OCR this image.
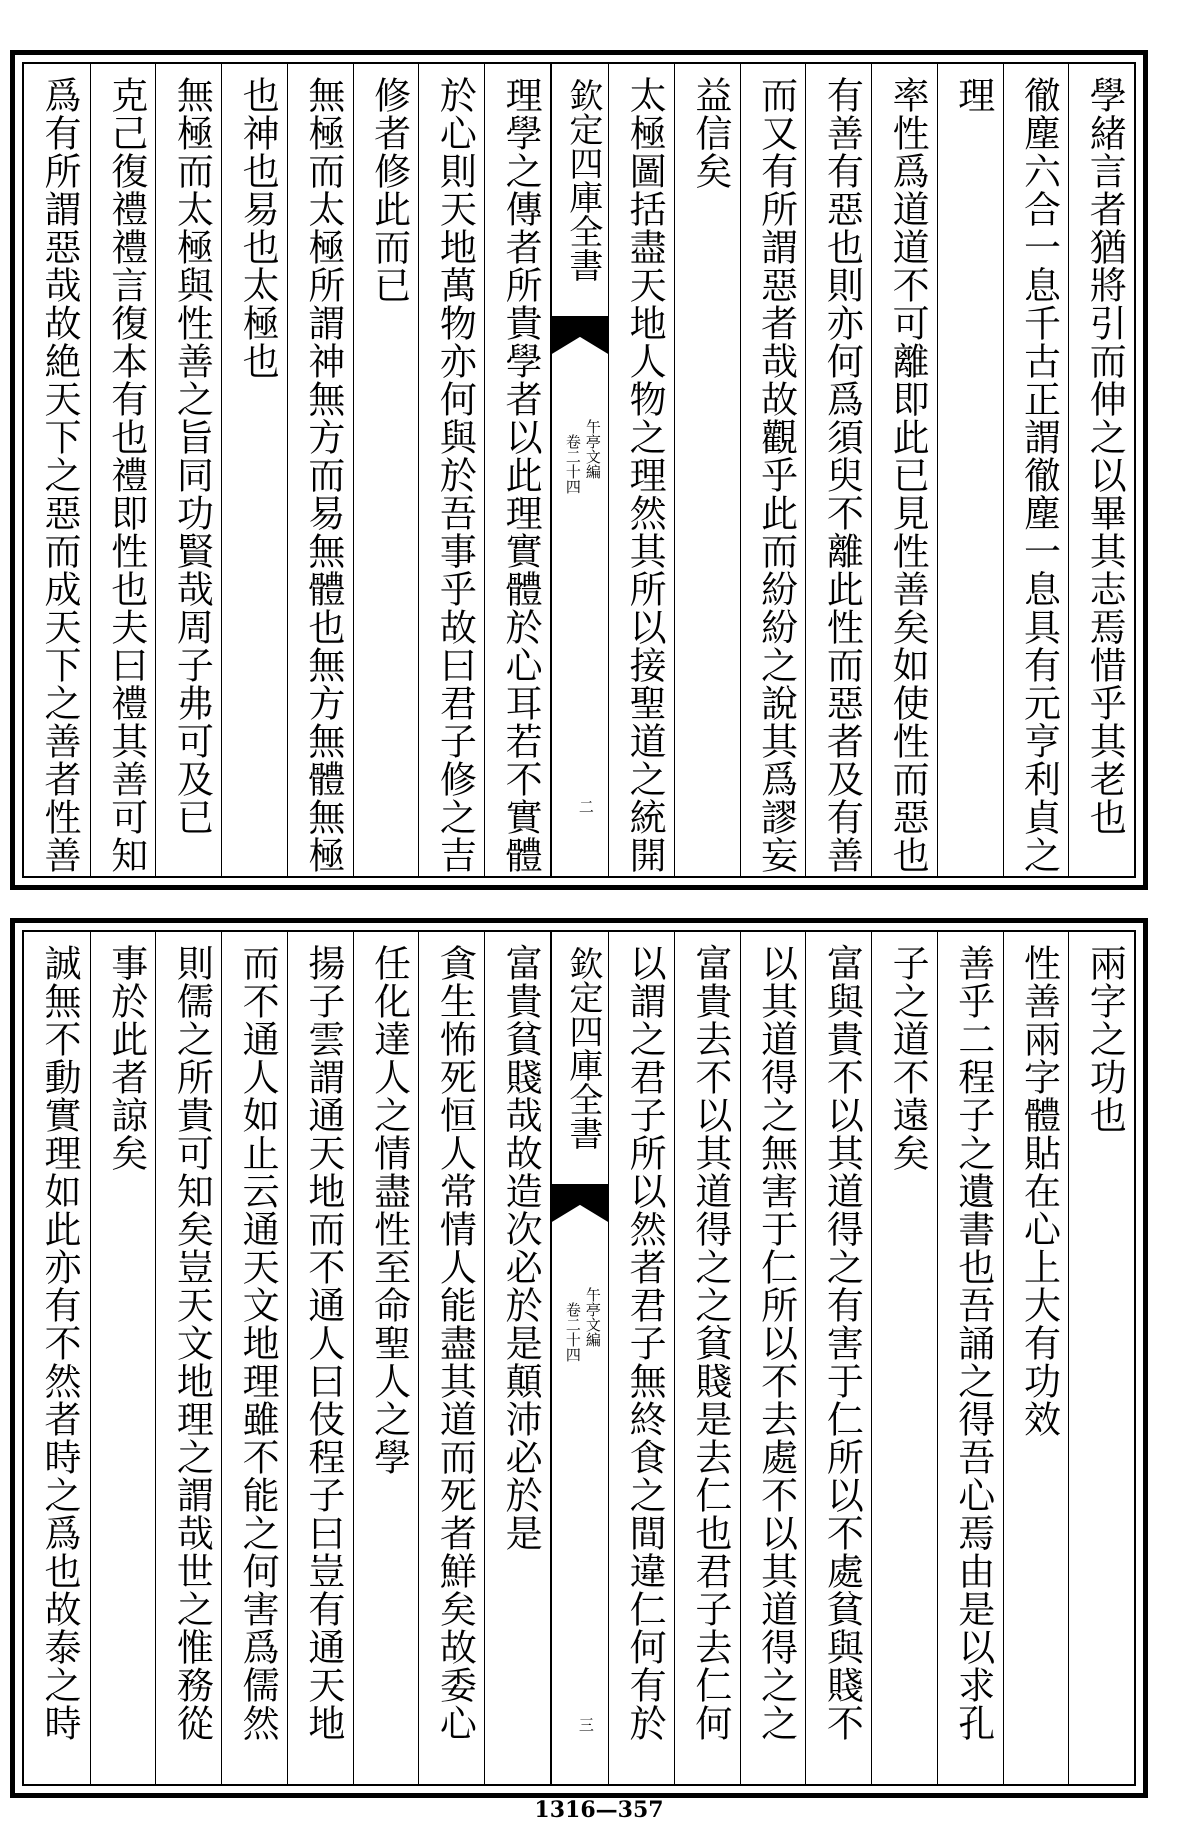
學緒言者猶將引而伸之以畢其志焉惜乎其老也
徹塵六合一息千古正謂徹塵一息具有元亨利貞之
理
率性爲道道不可離即此已見性善矣如使性而惡也
有善有惡也則亦何爲須臾不離此性而惡者及有善
而又有所謂惡者哉故觀乎此而紛紛之說其爲謬妄
益信矣
太極圖括盡天地人物之理然其所以接聖道之統開
欽定四庫全書
午亭文編
卷二十四
二
理學之傳者所貴學者以此理實體於心耳若不實體
於心則天地萬物亦何與於吾事乎故曰君子修之吉
修者修此而已
無極而太極所謂神無方而易無體也無方無體無極
也神也易也太極也
無極而太極與性善之旨同功賢哉周子弗可及已
克己復禮禮言復本有也禮即性也夫曰禮其善可知
爲有所謂惡哉故絶天下之惡而成天下之善者性善
兩字之功也
性善兩字體貼在心上大有功效
善乎二程子之遺書也吾誦之得吾心焉由是以求孔
子之道不遠矣
富與貴不以其道得之有害于仁所以不處貧與賤不
以其道得之無害于仁所以不去處不以其道得之之
富貴去不以其道得之之貧賤是去仁也君子去仁何
以謂之君子所以然者君子無終食之間違仁何有於
欽定四庫全書
午亭文編
卷二十四
三
富貴貧賤哉故造次必於是顛沛必於是
貪生怖死恒人常情人能盡其道而死者鮮矣故委心
任化達人之情盡性至命聖人之學
揚子雲謂通天地而不通人曰伎程子曰豈有通天地
而不通人如止云通天文地理雖不能之何害爲儒然
則儒之所貴可知矣豈天文地理之謂哉世之惟務從
事於此者諒矣
誠無不動實理如此亦有不然者時之爲也故泰之時
1316—357
